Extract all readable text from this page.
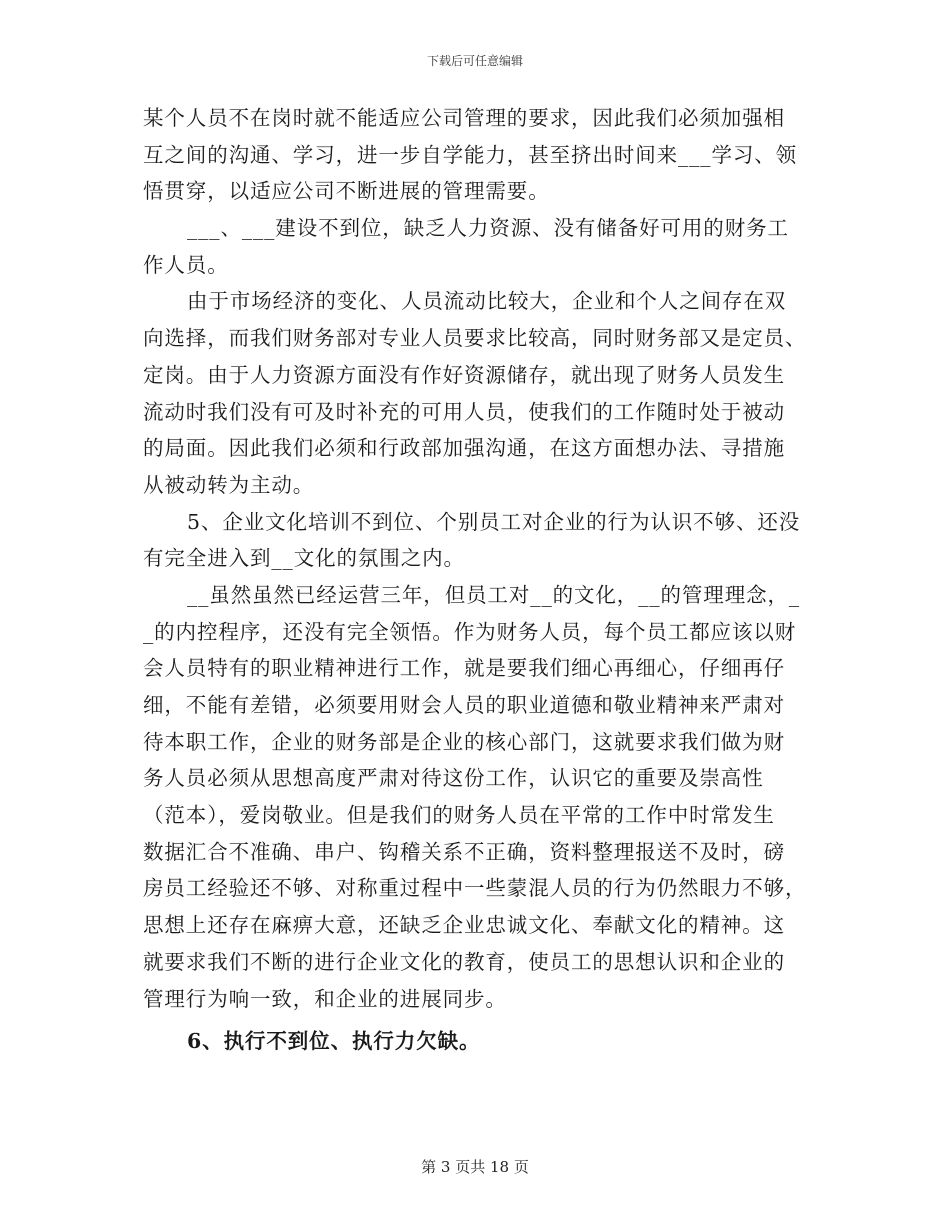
下载后可任意编辑
某个人员不在岗时就不能适应公司管理的要求，因此我们必须加强相
互之间的沟通、学习，进一步自学能力，甚至挤出时间来___学习、领
悟贯穿，以适应公司不断进展的管理需要。
___、___建设不到位，缺乏人力资源、没有储备好可用的财务工
作人员。
由于市场经济的变化、人员流动比较大，企业和个人之间存在双
向选择，而我们财务部对专业人员要求比较高，同时财务部又是定员、
定岗。由于人力资源方面没有作好资源储存，就出现了财务人员发生
流动时我们没有可及时补充的可用人员，使我们的工作随时处于被动
的局面。因此我们必须和行政部加强沟通，在这方面想办法、寻措施
从被动转为主动。
5、企业文化培训不到位、个别员工对企业的行为认识不够、还没
有完全进入到__文化的氛围之内。
__虽然虽然已经运营三年，但员工对__的文化，__的管理理念，_
_的内控程序，还没有完全领悟。作为财务人员，每个员工都应该以财
会人员特有的职业精神进行工作，就是要我们细心再细心，仔细再仔
细，不能有差错，必须要用财会人员的职业道德和敬业精神来严肃对
待本职工作，企业的财务部是企业的核心部门，这就要求我们做为财
务人员必须从思想高度严肃对待这份工作，认识它的重要及崇高性
（范本），爱岗敬业。但是我们的财务人员在平常的工作中时常发生
数据汇合不准确、串户、钩稽关系不正确，资料整理报送不及时，磅
房员工经验还不够、对称重过程中一些蒙混人员的行为仍然眼力不够，
思想上还存在麻痹大意，还缺乏企业忠诚文化、奉献文化的精神。这
就要求我们不断的进行企业文化的教育，使员工的思想认识和企业的
管理行为响一致，和企业的进展同步。
6、执行不到位、执行力欠缺。
第 3 页共 18 页
